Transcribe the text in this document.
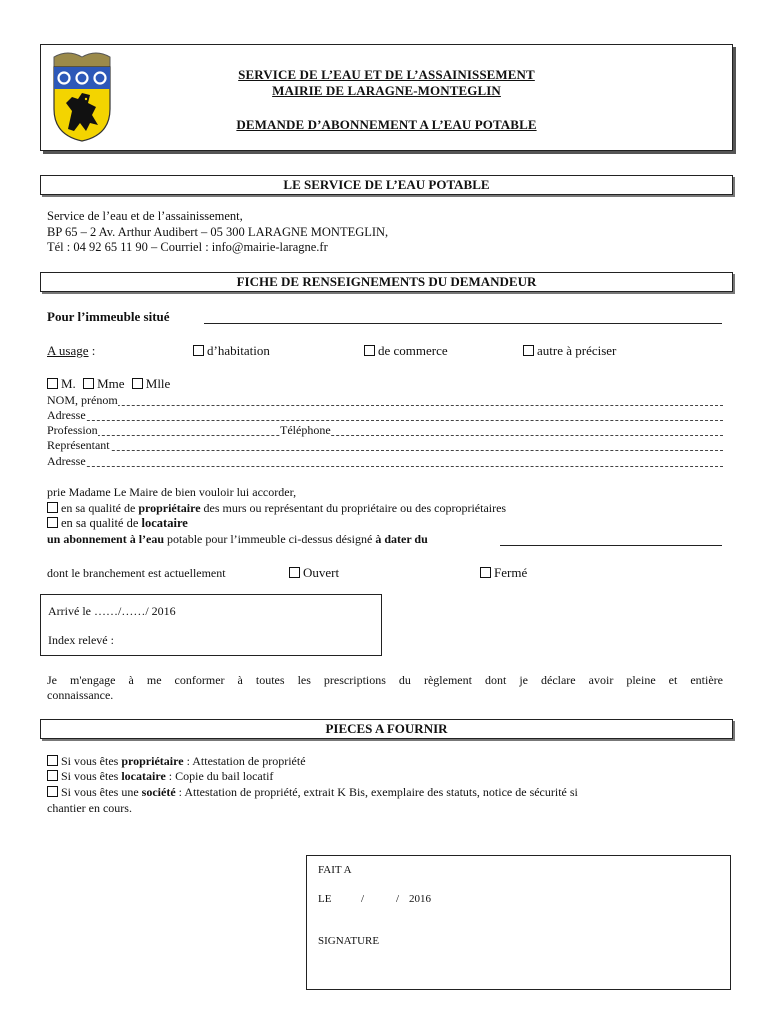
SERVICE DE L’EAU ET DE L’ASSAINISSEMENT
MAIRIE DE LARAGNE-MONTEGLIN
DEMANDE D’ABONNEMENT A L’EAU POTABLE
LE SERVICE DE L’EAU POTABLE
Service de l’eau et de l’assainissement,
BP 65 – 2 Av. Arthur Audibert – 05 300 LARAGNE MONTEGLIN,
Tél : 04 92 65 11 90 – Courriel : info@mairie-laragne.fr
FICHE DE RENSEIGNEMENTS DU DEMANDEUR
Pour l’immeuble situé
A usage :	d’habitation	de commerce	autre à préciser
M. Mme Mlle
NOM, prénom
Adresse
Profession	Téléphone
Représentant
Adresse
prie Madame Le Maire de bien vouloir lui accorder,
en sa qualité de propriétaire des murs ou représentant du propriétaire ou des copropriétaires
en sa qualité de locataire
un abonnement à l’eau potable pour l’immeuble ci-dessus désigné à dater du
dont le branchement est actuellement	Ouvert	Fermé
Arrivé le ……/……/ 2016
Index relevé :
Je m'engage à me conformer à toutes les prescriptions du règlement dont je déclare avoir pleine et entière
connaissance.
PIECES A FOURNIR
Si vous êtes propriétaire : Attestation de propriété
Si vous êtes locataire : Copie du bail locatif
Si vous êtes une société : Attestation de propriété, extrait K Bis, exemplaire des statuts, notice de sécurité si
chantier en cours.
FAIT A
LE	/	/ 2016
SIGNATURE
